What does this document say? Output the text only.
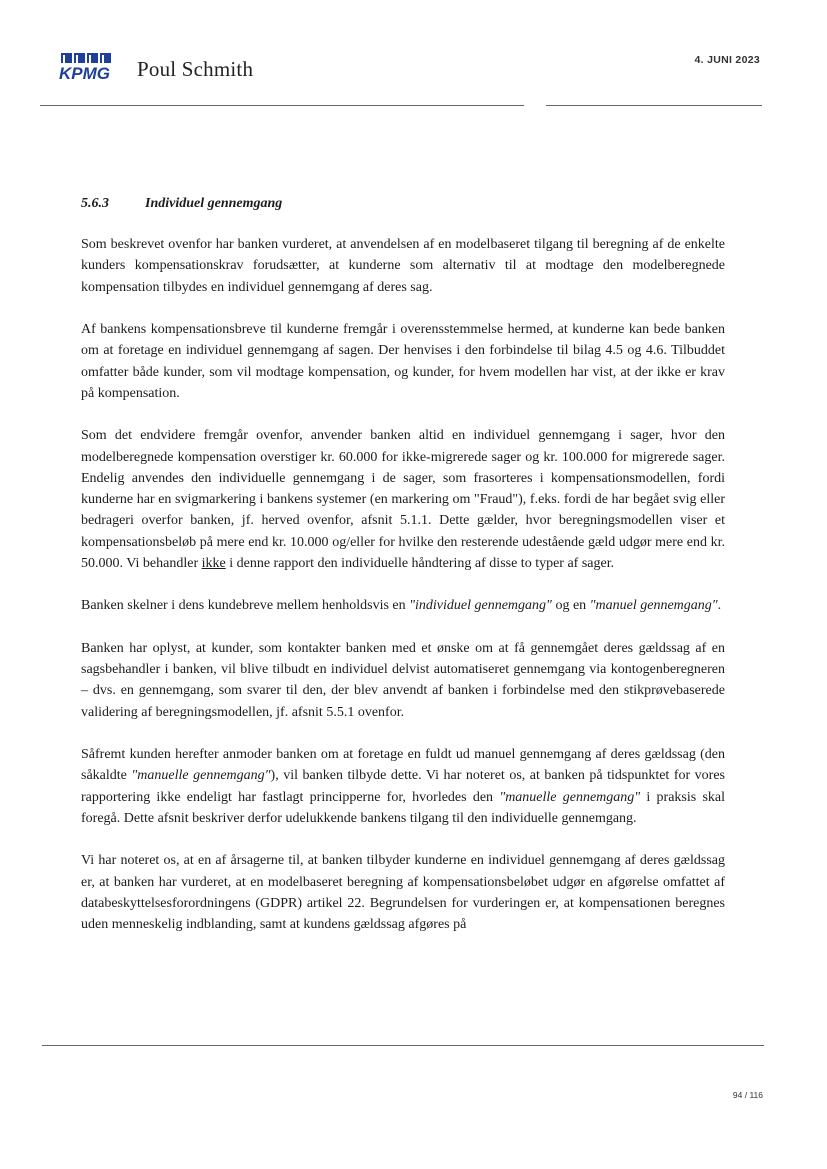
KPMG Poul Schmith	4. JUNI 2023
5.6.3	Individuel gennemgang

Som beskrevet ovenfor har banken vurderet, at anvendelsen af en modelbaseret tilgang til beregning af de enkelte kunders kompensationskrav forudsætter, at kunderne som alternativ til at modtage den modelberegnede kompensation tilbydes en individuel gennemgang af deres sag.

Af bankens kompensationsbreve til kunderne fremgår i overensstemmelse hermed, at kunderne kan bede banken om at foretage en individuel gennemgang af sagen. Der henvises i den forbindelse til bilag 4.5 og 4.6. Tilbuddet omfatter både kunder, som vil modtage kompensation, og kunder, for hvem modellen har vist, at der ikke er krav på kompensation.

Som det endvidere fremgår ovenfor, anvender banken altid en individuel gennemgang i sager, hvor den modelberegnede kompensation overstiger kr. 60.000 for ikke-migrerede sager og kr. 100.000 for migrerede sager. Endelig anvendes den individuelle gennemgang i de sager, som frasorteres i kompensationsmodellen, fordi kunderne har en svigmarkering i bankens systemer (en markering om "Fraud"), f.eks. fordi de har begået svig eller bedrageri overfor banken, jf. herved ovenfor, afsnit 5.1.1. Dette gælder, hvor beregningsmodellen viser et kompensationsbeløb på mere end kr. 10.000 og/eller for hvilke den resterende udestående gæld udgør mere end kr. 50.000. Vi behandler ikke i denne rapport den individuelle håndtering af disse to typer af sager.

Banken skelner i dens kundebreve mellem henholdsvis en "individuel gennemgang" og en "manuel gennemgang".

Banken har oplyst, at kunder, som kontakter banken med et ønske om at få gennemgået deres gældssag af en sagsbehandler i banken, vil blive tilbudt en individuel delvist automatiseret gennemgang via kontogenberegneren – dvs. en gennemgang, som svarer til den, der blev anvendt af banken i forbindelse med den stikprøvebaserede validering af beregningsmodellen, jf. afsnit 5.5.1 ovenfor.

Såfremt kunden herefter anmoder banken om at foretage en fuldt ud manuel gennemgang af deres gældssag (den såkaldte "manuelle gennemgang"), vil banken tilbyde dette. Vi har noteret os, at banken på tidspunktet for vores rapportering ikke endeligt har fastlagt principperne for, hvorledes den "manuelle gennemgang" i praksis skal foregå. Dette afsnit beskriver derfor udelukkende bankens tilgang til den individuelle gennemgang.

Vi har noteret os, at en af årsagerne til, at banken tilbyder kunderne en individuel gennemgang af deres gældssag er, at banken har vurderet, at en modelbaseret beregning af kompensationsbeløbet udgør en afgørelse omfattet af databeskyttelsesforordningens (GDPR) artikel 22. Begrundelsen for vurderingen er, at kompensationen beregnes uden menneskelig indblanding, samt at kundens gældssag afgøres på

94 / 116
